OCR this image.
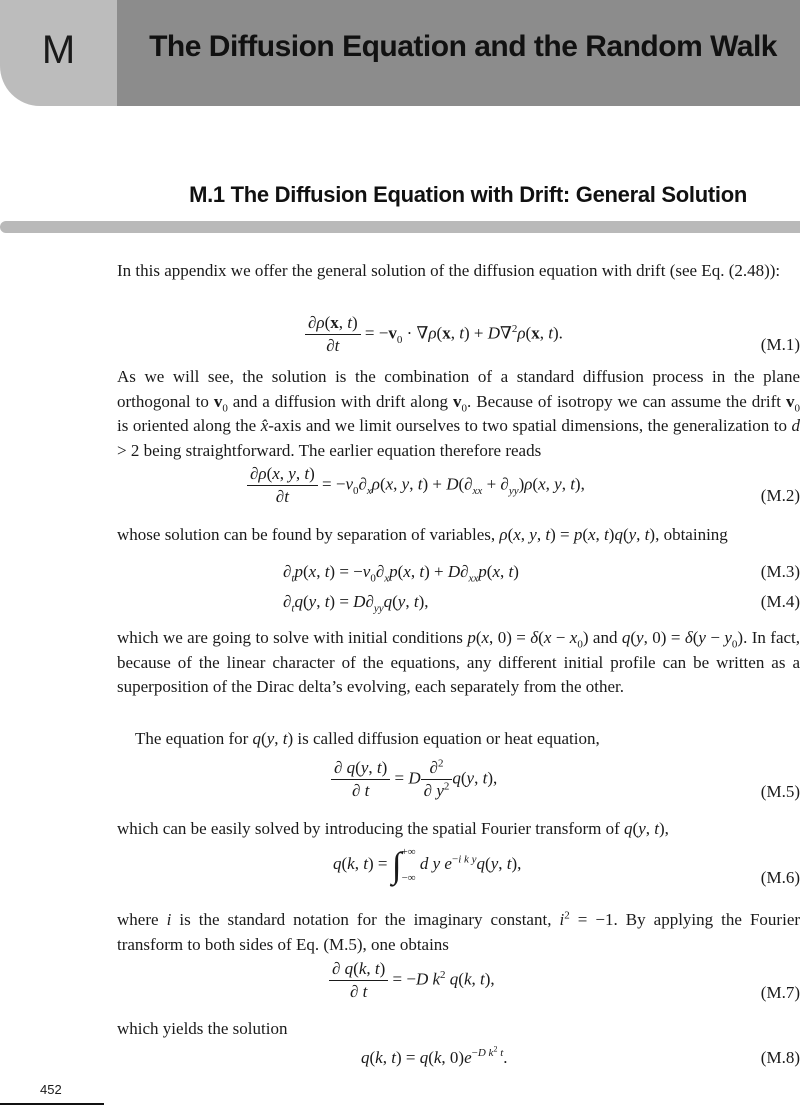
M	The Diffusion Equation and the Random Walk
M.1 The Diffusion Equation with Drift: General Solution
In this appendix we offer the general solution of the diffusion equation with drift (see Eq. (2.48)):
$\frac{\partial\rho(x, t)}{\partial t} = -v_0 \cdot \nabla\rho(x$, t) + D∇$^2$ρ(x, t).
(M.1)
As we will see, the solution is the combination of a standard diffusion process in the plane orthogonal to $v_0$ and a diffusion with drift along $v_0$. Because of isotropy we can assume the drift $v_0$ is oriented along the x̂-axis and we limit ourselves to two spatial dimensions, the generalization to d > 2 being straightforward. The earlier equation therefore reads
$\frac{\partial\rho(x, y, t)}{\partial t} = -v_0\partial_x\rho(x$, y, $t) + D(\partial_{xx} + \partial_{yy})\rho(x$, y, t),
(M.2)
whose solution can be found by separation of variables, ρ(x, y, t) = p(x, t)q(y, t), obtaining
$\partial_tp(x$, $t) = -v_0\partial_xp(x$, $t) + D\partial_{xx}p(x$, t)	(M.3)
$\partial_tq(y$, $t) = D\partial_{yy}q(y$, t),	(M.4)
which we are going to solve with initial conditions p(x, $0) = \delta(x - x_0)$ and q(y, $0) = \delta(y - y_0)$. In fact, because of the linear character of the equations, any different initial profile can be written as a superposition of the Dirac delta’s evolving, each separately from the other.
The equation for q(y, t) is called diffusion equation or heat equation,
$\frac{\partial q(y, t)}{\partial t} = D \frac{\partial^2}{\partial y^2} q(y$, t),
(M.5)
which can be easily solved by introducing the spatial Fourier transform of q(y, t),
q(k, t) = ∫+∞

−∞ d y $e^{-i k y}q(y$, t),
(M.6)
where i is the standard notation for the imaginary constant, $i^2 = -1$. By applying the Fourier transform to both sides of Eq. (M.5), one obtains
$\frac{\partial q(k, t)}{\partial t} = -D$ $k^2$ q(k, t),
(M.7)
which yields the solution
q(k, t) = q(k, $0)e^{-D k^2 t}$.	(M.8)
452
